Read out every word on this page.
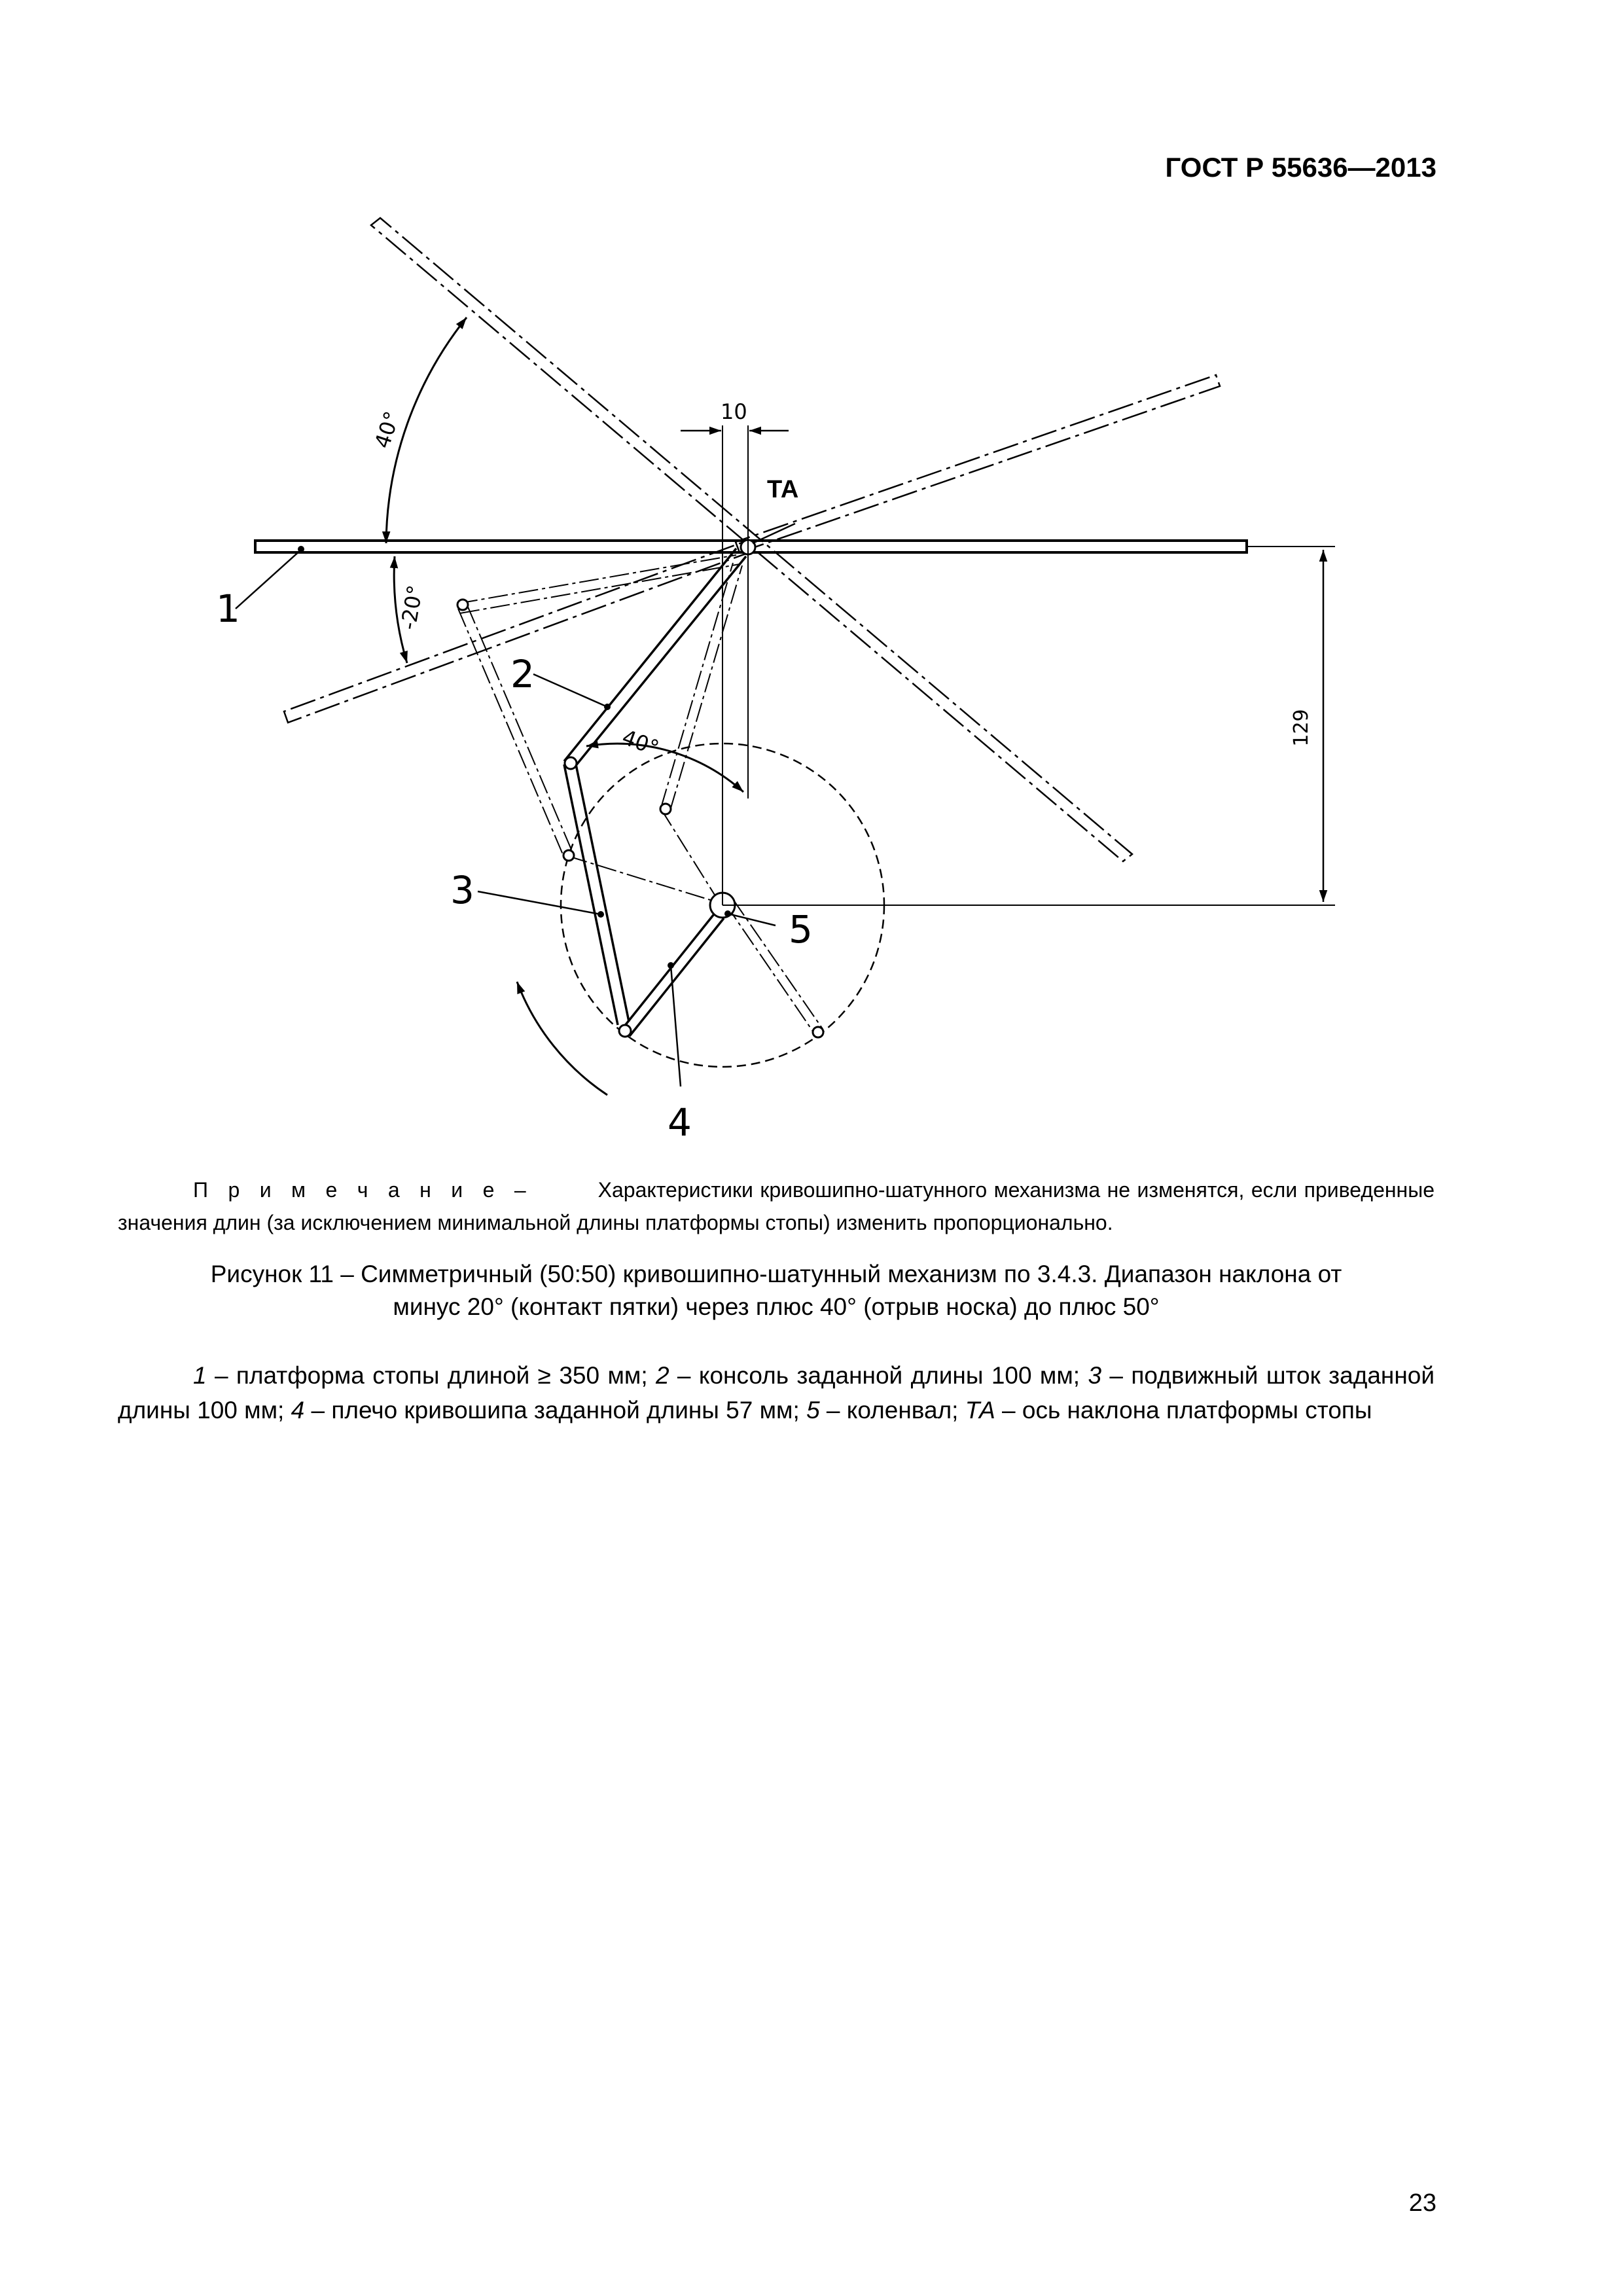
ГОСТ Р 55636—2013
1
2
3
5
4
ТА
10
129
40°
-20°
40°
П р и м е ч а н и е –	Характеристики кривошипно-шатунного механизма не изменятся, если приведенные значения длин (за исключением минимальной длины платформы стопы) изменить пропорционально.
Рисунок 11 – Симметричный (50:50) кривошипно-шатунный механизм по 3.4.3. Диапазон наклона от
минус 20° (контакт пятки) через плюс 40° (отрыв носка) до плюс 50°
1 – платформа стопы длиной ≥ 350 мм; 2 – консоль заданной длины 100 мм; 3 – подвижный шток заданной длины 100 мм; 4 – плечо кривошипа заданной длины 57 мм; 5 – коленвал; ТА – ось наклона платформы стопы
23
